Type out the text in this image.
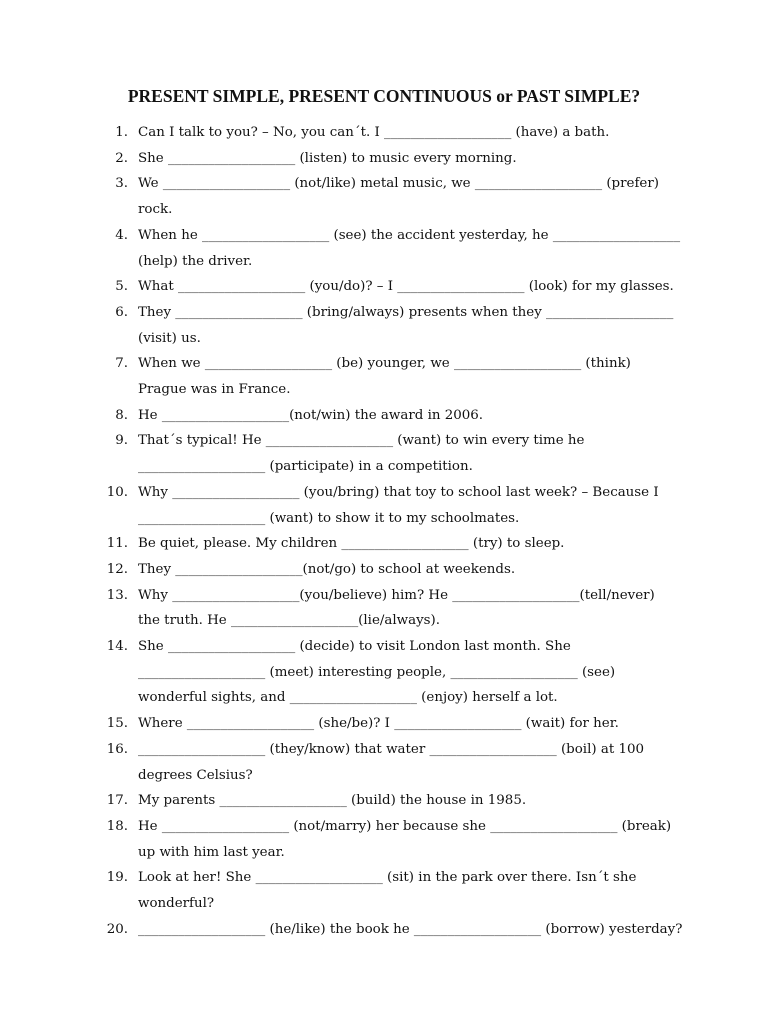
PRESENT SIMPLE, PRESENT CONTINUOUS or PAST SIMPLE?
1. Can I talk to you? – No, you can´t. I ___________________ (have) a bath.
2. She ___________________ (listen) to music every morning.
3. We ___________________ (not/like) metal music, we ___________________ (prefer)
rock.
4. When he ___________________ (see) the accident yesterday, he ___________________
(help) the driver.
5. What ___________________ (you/do)? – I ___________________ (look) for my glasses.
6. They ___________________ (bring/always) presents when they ___________________
(visit) us.
7. When we ___________________ (be) younger, we ___________________ (think)
Prague was in France.
8. He ___________________(not/win) the award in 2006.
9. That´s typical! He ___________________ (want) to win every time he
___________________ (participate) in a competition.
10. Why ___________________ (you/bring) that toy to school last week? – Because I
___________________ (want) to show it to my schoolmates.
11. Be quiet, please. My children ___________________ (try) to sleep.
12. They ___________________(not/go) to school at weekends.
13. Why ___________________(you/believe) him? He ___________________(tell/never)
the truth. He ___________________(lie/always).
14. She ___________________ (decide) to visit London last month. She
___________________ (meet) interesting people, ___________________ (see)
wonderful sights, and ___________________ (enjoy) herself a lot.
15. Where ___________________ (she/be)? I ___________________ (wait) for her.
16. ___________________ (they/know) that water ___________________ (boil) at 100
degrees Celsius?
17. My parents ___________________ (build) the house in 1985.
18. He ___________________ (not/marry) her because she ___________________ (break)
up with him last year.
19. Look at her! She ___________________ (sit) in the park over there. Isn´t she
wonderful?
20. ___________________ (he/like) the book he ___________________ (borrow) yesterday?
